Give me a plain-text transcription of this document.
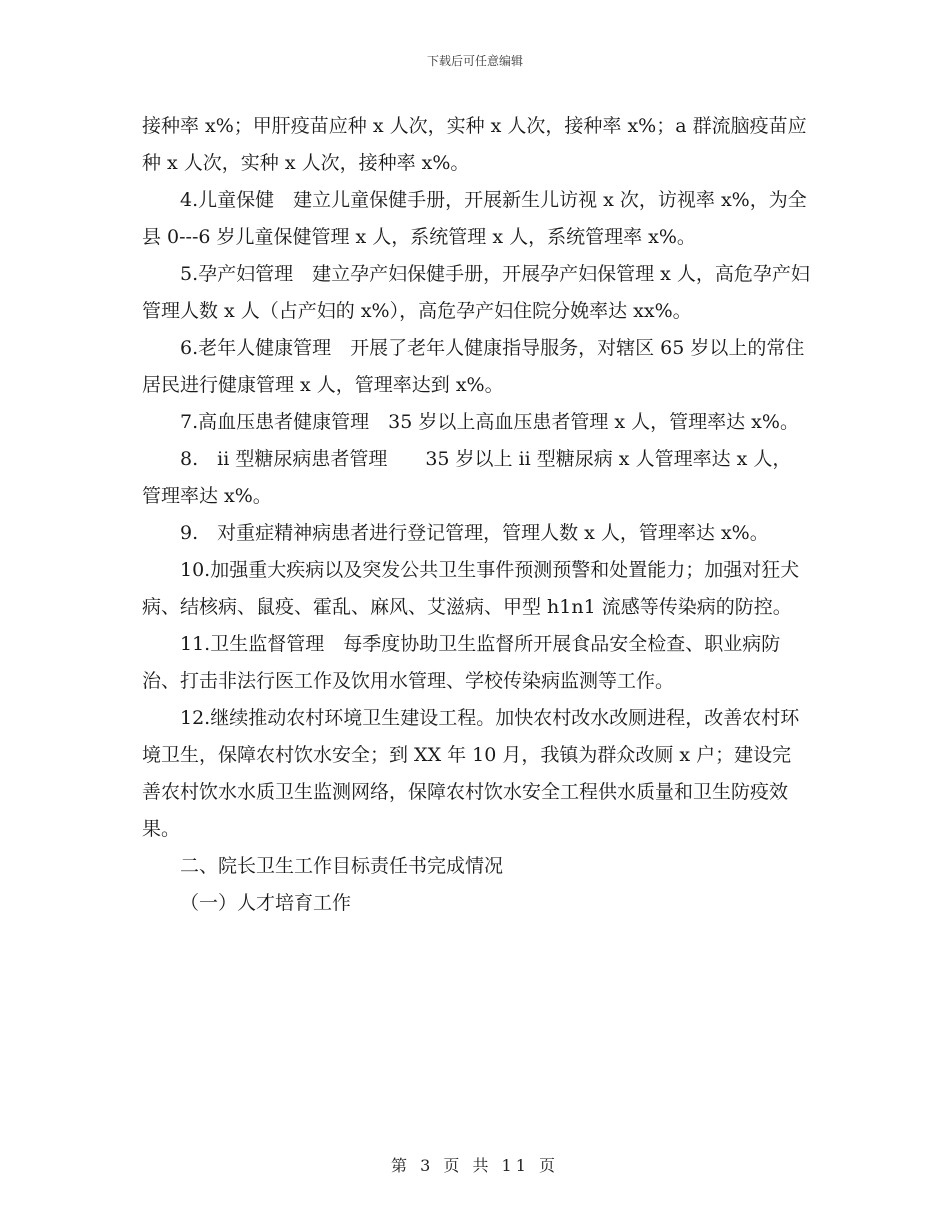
下载后可任意编辑

接种率 x%；甲肝疫苗应种 x 人次，实种 x 人次，接种率 x%；a 群流脑疫苗应种 x 人次，实种 x 人次，接种率 x%。

4.儿童保健　建立儿童保健手册，开展新生儿访视 x 次，访视率 x%，为全县 0---6 岁儿童保健管理 x 人，系统管理 x 人，系统管理率 x%。

5.孕产妇管理　建立孕产妇保健手册，开展孕产妇保管理 x 人，高危孕产妇管理人数 x 人（占产妇的 x%），高危孕产妇住院分娩率达 xx%。

6.老年人健康管理　开展了老年人健康指导服务，对辖区 65 岁以上的常住居民进行健康管理 x 人，管理率达到 x%。

7.高血压患者健康管理　35 岁以上高血压患者管理 x 人，管理率达 x%。

8.　ii 型糖尿病患者管理　　35 岁以上 ii 型糖尿病 x 人管理率达 x 人，管理率达 x%。

9.　对重症精神病患者进行登记管理，管理人数 x 人，管理率达 x%。

10.加强重大疾病以及突发公共卫生事件预测预警和处置能力；加强对狂犬病、结核病、鼠疫、霍乱、麻风、艾滋病、甲型 h1n1 流感等传染病的防控。

11.卫生监督管理　每季度协助卫生监督所开展食品安全检查、职业病防治、打击非法行医工作及饮用水管理、学校传染病监测等工作。

12.继续推动农村环境卫生建设工程。加快农村改水改厕进程，改善农村环境卫生，保障农村饮水安全；到 XX 年 10 月，我镇为群众改厕 x 户；建设完善农村饮水水质卫生监测网络，保障农村饮水安全工程供水质量和卫生防疫效果。

二、院长卫生工作目标责任书完成情况

（一）人才培育工作

第 3 页 共 11 页
